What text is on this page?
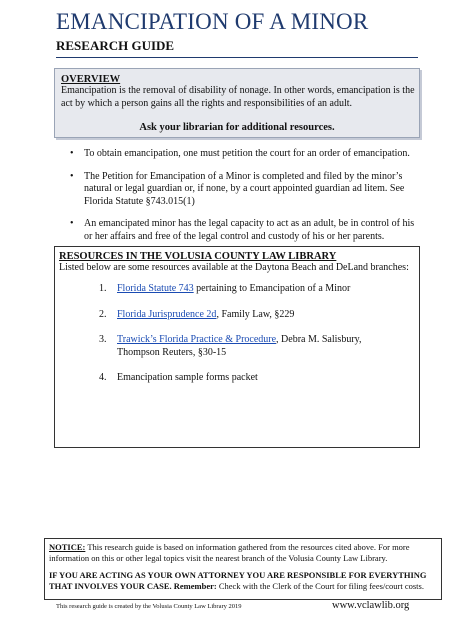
EMANCIPATION OF A MINOR
RESEARCH GUIDE
OVERVIEW
Emancipation is the removal of disability of nonage. In other words, emancipation is the act by which a person gains all the rights and responsibilities of an adult.
Ask your librarian for additional resources.
• To obtain emancipation, one must petition the court for an order of emancipation.
• The Petition for Emancipation of a Minor is completed and filed by the minor’s natural or legal guardian or, if none, by a court appointed guardian ad litem. See Florida Statute §743.015(1)
• An emancipated minor has the legal capacity to act as an adult, be in control of his or her affairs and free of the legal control and custody of his or her parents.
RESOURCES IN THE VOLUSIA COUNTY LAW LIBRARY
Listed below are some resources available at the Daytona Beach and DeLand branches:
1. Florida Statute 743 pertaining to Emancipation of a Minor
2. Florida Jurisprudence 2d, Family Law, §229
3. Trawick’s Florida Practice & Procedure, Debra M. Salisbury, Thompson Reuters, §30-15
4. Emancipation sample forms packet
NOTICE: This research guide is based on information gathered from the resources cited above. For more information on this or other legal topics visit the nearest branch of the Volusia County Law Library.
IF YOU ARE ACTING AS YOUR OWN ATTORNEY YOU ARE RESPONSIBLE FOR EVERYTHING THAT INVOLVES YOUR CASE. Remember: Check with the Clerk of the Court for filing fees/court costs.
This research guide is created by the Volusia County Law Library 2019	www.vclawlib.org
